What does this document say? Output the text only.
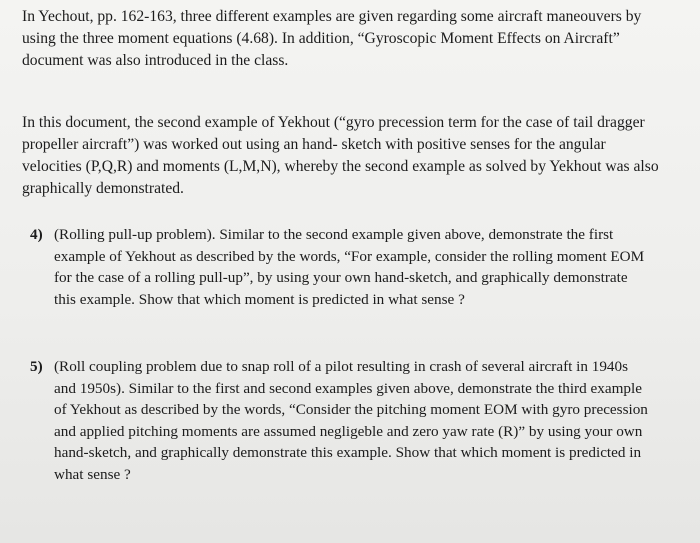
In Yechout, pp. 162-163, three different examples are given regarding some aircraft maneouvers by using the three moment equations (4.68). In addition, “Gyroscopic Moment Effects on Aircraft” document was also introduced in the class.

In this document, the second example of Yekhout (“gyro precession term for the case of tail dragger propeller aircraft”) was worked out using an hand- sketch with positive senses for the angular velocities (P,Q,R) and moments (L,M,N), whereby the second example as solved by Yekhout was also graphically demonstrated.

4) (Rolling pull-up problem). Similar to the second example given above, demonstrate the first example of Yekhout as described by the words, “For example, consider the rolling moment EOM for the case of a rolling pull-up”, by using your own hand-sketch, and graphically demonstrate this example. Show that which moment is predicted in what sense ?
5) (Roll coupling problem due to snap roll of a pilot resulting in crash of several aircraft in 1940s and 1950s). Similar to the first and second examples given above, demonstrate the third example of Yekhout as described by the words, “Consider the pitching moment EOM with gyro precession and applied pitching moments are assumed negligeble and zero yaw rate (R)” by using your own hand-sketch, and graphically demonstrate this example. Show that which moment is predicted in what sense ?
